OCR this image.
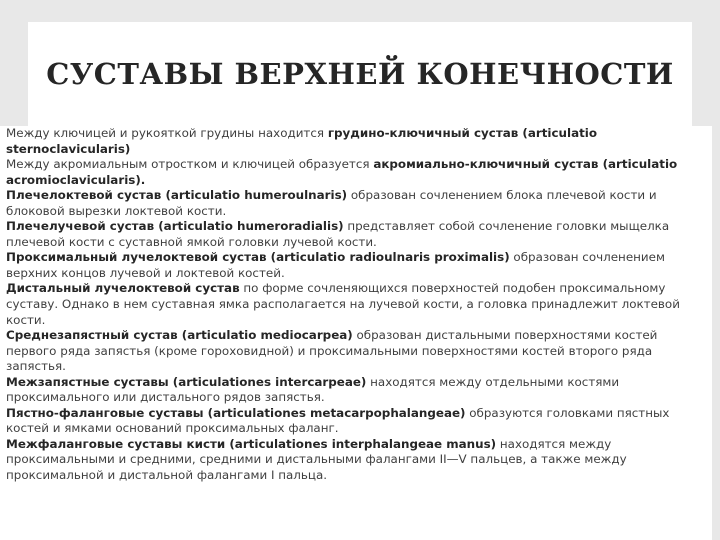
СУСТАВЫ ВЕРХНЕЙ КОНЕЧНОСТИ

Между ключицей и рукояткой грудины находится грудино-ключичный сустав (articulatio sternoclavicularis)

Между акромиальным отростком и ключицей образуется акромиально-ключичный сустав (articulatio acromioclavicularis).

Плечелоктевой сустав (articulatio humeroulnaris) образован сочленением блока плечевой кости и блоковой вырезки локтевой кости.

Плечелучевой сустав (articulatio humeroradialis) представляет собой сочленение головки мыщелка плечевой кости с суставной ямкой головки лучевой кости.

Проксимальный лучелоктевой сустав (articulatio radioulnaris proximalis) образован сочленением верхних концов лучевой и локтевой костей.

Дистальный лучелоктевой сустав по форме сочленяющихся поверхностей подобен проксимальному суставу. Однако в нем суставная ямка располагается на лучевой кости, а головка принадлежит локтевой кости.

Среднезапястный сустав (articulatio mediocarpea) образован дистальными поверхностями костей первого ряда запястья (кроме гороховидной) и проксимальными поверхностями костей второго ряда запястья.

Межзапястные суставы (articulationes intercarpeae) находятся между отдельными костями проксимального или дистального рядов запястья.

Пястно-фаланговые суставы (articulationes metacarpophalangeae) образуются головками пястных костей и ямками оснований проксимальных фаланг.

Межфаланговые суставы кисти (articulationes interphalangeae manus) находятся между проксимальными и средними, средними и дистальными фалангами II—V пальцев, а также между проксимальной и дистальной фалангами I пальца.
